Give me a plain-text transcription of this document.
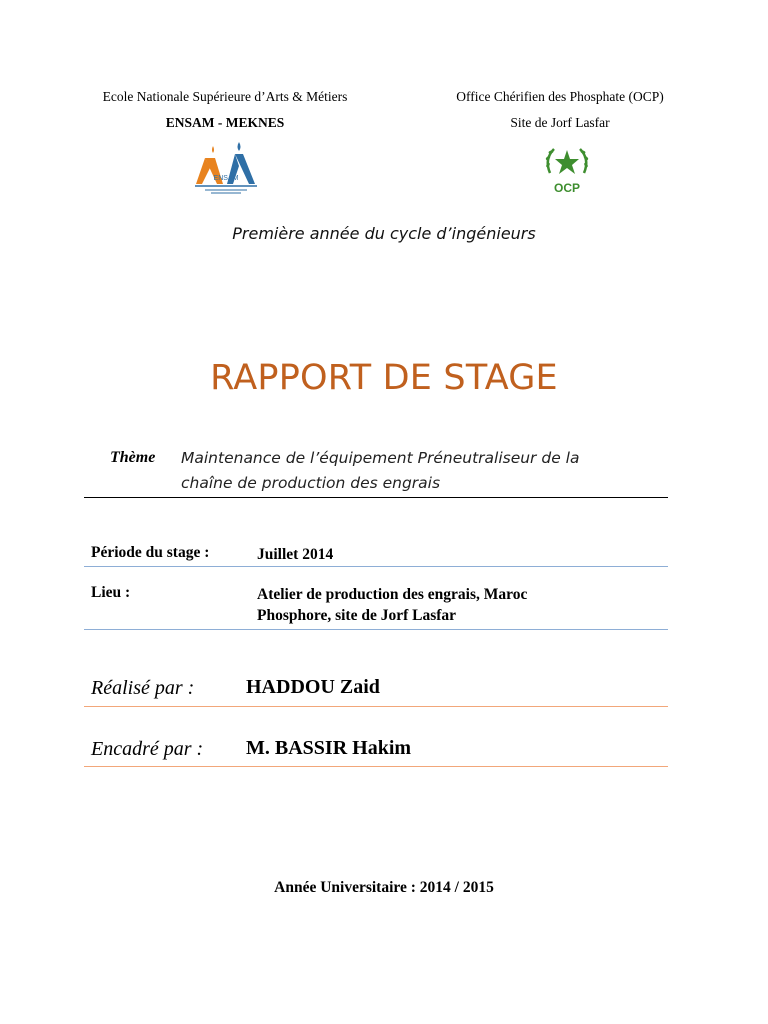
Ecole Nationale Supérieure d’Arts & Métiers
ENSAM - MEKNES
Office Chérifien des Phosphate (OCP)
Site de Jorf Lasfar
ENSAM
OCP
Première année du cycle d’ingénieurs
RAPPORT DE STAGE
Thème Maintenance de l’équipement Préneutraliseur de la
chaîne de production des engrais
Période du stage :	Juillet 2014
Lieu :	Atelier de production des engrais, Maroc
Phosphore, site de Jorf Lasfar
Réalisé par :	HADDOU Zaid
Encadré par : M. BASSIR Hakim
Année Universitaire : 2014 / 2015
